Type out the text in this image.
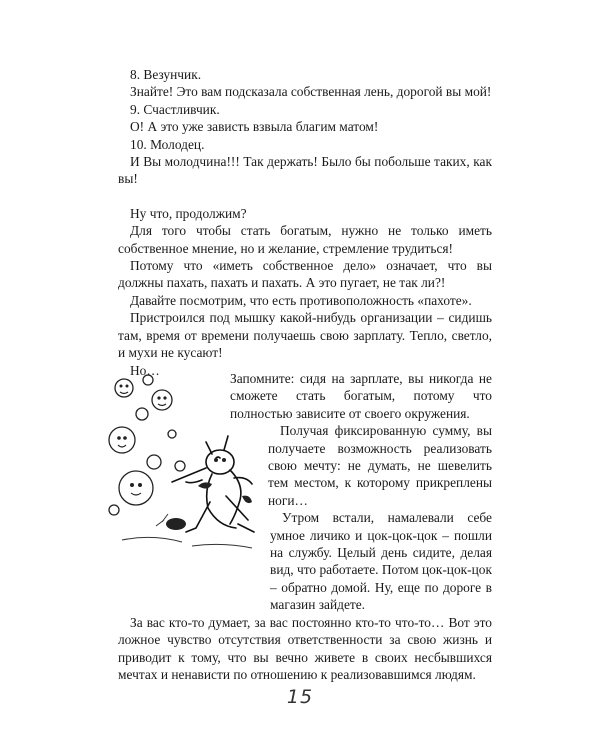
8. Везунчик.

Знайте! Это вам подсказала собственная лень, дорогой вы мой!

9. Счастливчик.

О! А это уже зависть взвыла благим матом!

10. Молодец.

И Вы молодчина!!! Так держать! Было бы побольше таких, как вы!

Ну что, продолжим?

Для того чтобы стать богатым, нужно не только иметь собственное мнение, но и желание, стремление трудиться!

Потому что «иметь собственное дело» означает, что вы должны пахать, пахать и пахать. А это пугает, не так ли?!

Давайте посмотрим, что есть противоположность «пахоте».

Пристроился под мышку какой-нибудь организации – сидишь там, время от времени получаешь свою зарплату. Тепло, светло, и мухи не кусают!

Но…

Запомните: сидя на зарплате, вы никогда не сможете стать богатым, потому что полностью зависите от своего окружения.

Получая фиксированную сумму, вы получаете возможность реализовать свою мечту: не думать, не шевелить тем местом, к которому прикреплены ноги…

Утром встали, намалевали себе умное личико и цок-цок-цок – пошли на службу. Целый день сидите, делая вид, что работаете. Потом цок-цок-цок – обратно домой. Ну, еще по дороге в магазин зайдете.

За вас кто-то думает, за вас постоянно кто-то что-то… Вот это ложное чувство отсутствия ответственности за свою жизнь и приводит к тому, что вы вечно живете в своих несбывшихся мечтах и ненависти по отношению к реализовавшимся людям.

15
